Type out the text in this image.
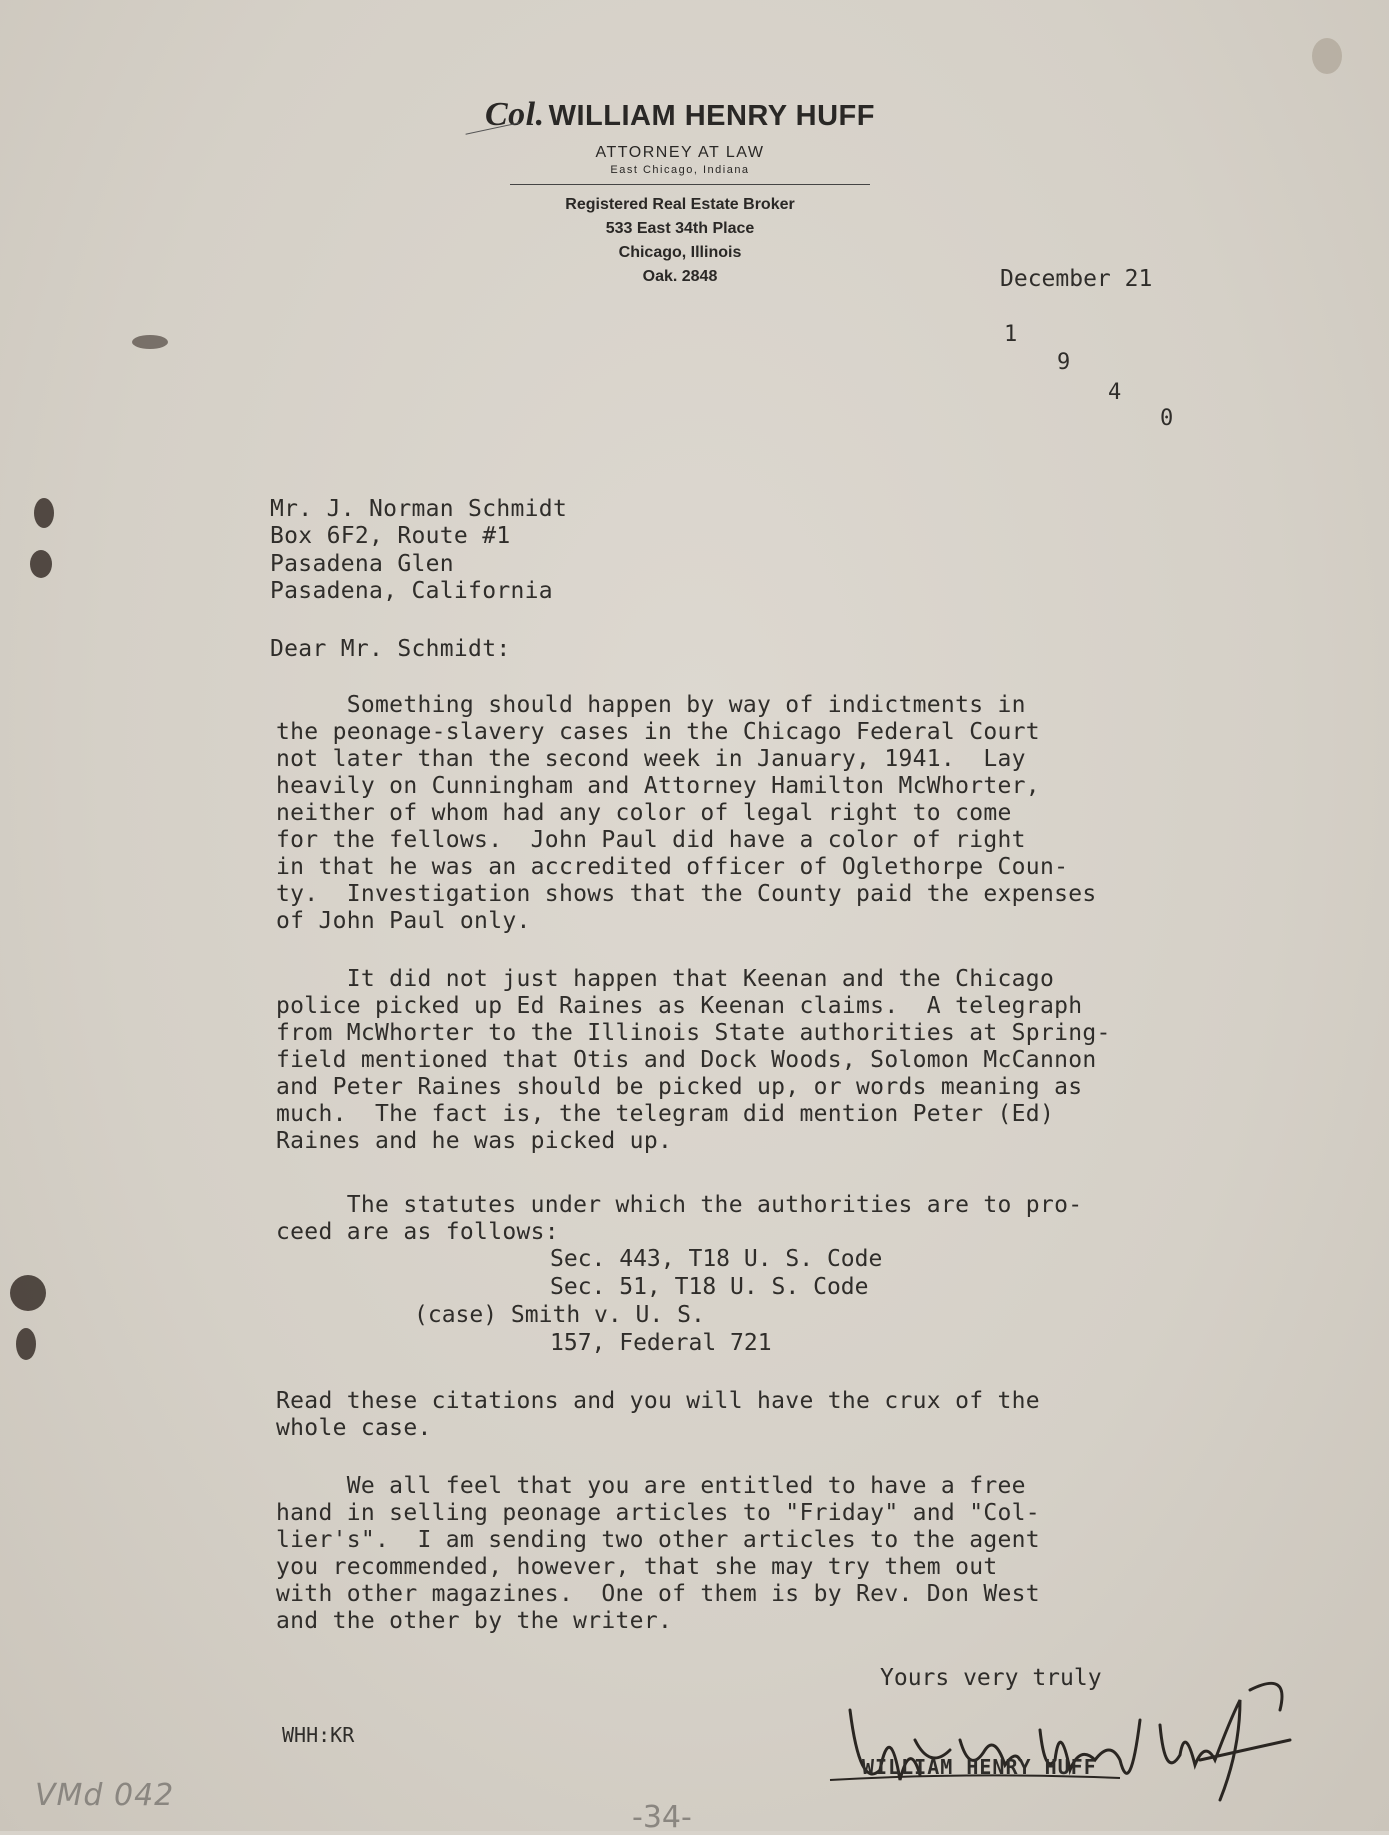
Col. WILLIAM HENRY HUFF
ATTORNEY AT LAW
East Chicago, Indiana
Registered Real Estate Broker
533 East 34th Place
Chicago, Illinois
Oak. 2848	December 21
1
9
4
0
Mr. J. Norman Schmidt
Box 6F2, Route #1
Pasadena Glen
Pasadena, California
Dear Mr. Schmidt:
Something should happen by way of indictments in
the peonage-slavery cases in the Chicago Federal Court
not later than the second week in January, 1941.  Lay
heavily on Cunningham and Attorney Hamilton McWhorter,
neither of whom had any color of legal right to come
for the fellows.  John Paul did have a color of right
in that he was an accredited officer of Oglethorpe Coun-
ty.  Investigation shows that the County paid the expenses
of John Paul only.
It did not just happen that Keenan and the Chicago
police picked up Ed Raines as Keenan claims.  A telegraph
from McWhorter to the Illinois State authorities at Spring-
field mentioned that Otis and Dock Woods, Solomon McCannon
and Peter Raines should be picked up, or words meaning as
much.  The fact is, the telegram did mention Peter (Ed)
Raines and he was picked up.
The statutes under which the authorities are to pro-
ceed are as follows:
Sec. 443, T18 U. S. Code
Sec. 51, T18 U. S. Code
(case) Smith v. U. S.
157, Federal 721
Read these citations and you will have the crux of the
whole case.
We all feel that you are entitled to have a free
hand in selling peonage articles to "Friday" and "Col-
lier's".  I am sending two other articles to the agent
you recommended, however, that she may try them out
with other magazines.  One of them is by Rev. Don West
and the other by the writer.
Yours very truly
WILLIAM HENRY HUFF
WHH:KR
VMd 042
-34-
